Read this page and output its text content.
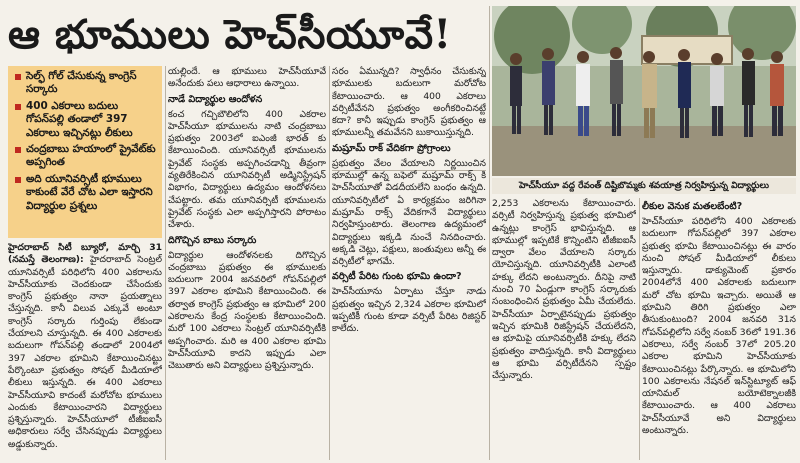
ఆ భూములు హెచ్‌సీయూవే!
హెచ్‌సీయూ వద్ద రేవంత్ దిష్టిబొమ్మకు శవయాత్ర నిర్వహిస్తున్న విద్యార్థులు
సెల్ఫ్ గోల్ చేసుకున్న కాంగ్రెస్ సర్కారు
400 ఎకరాలు బదులు గోపన్‌పల్లి తండాలో 397 ఎకరాలు ఇచ్చినట్లు లీకులు
చంద్రబాబు హయాంలో ప్రైవేట్‌కు అప్పగింత
అది యూనివర్సిటీ భూములు కాకుంటే వేరే చోట ఎలా ఇస్తారని విద్యార్థుల ప్రశ్నలు

హైదరాబాద్ సిటీ బ్యూరో, మార్చి 31 (నమస్తే తెలంగాణ): హైదరాబాద్ సెంట్రల్ యూనివర్సిటీ పరిధిలోని 400 ఎకరాలను హెచ్‌సీయూకు చెందకుండా చేసేందుకు కాంగ్రెస్ ప్రభుత్వం నానా ప్రయత్నాలు చేస్తున్నది. కానీ విలువ ఎక్కువే అంటూ కాంగ్రెస్ సర్కారు గుర్తింపు లేకుండా చేయాలని చూస్తున్నది. ఈ 400 ఎకరాలకు బదులుగా గోపన్‌పల్లి తండాలో 2004లో 397 ఎకరాల భూమిని కేటాయించినట్టు పేర్కొంటూ ప్రభుత్వం సోషల్ మీడియాలో లీకులు ఇస్తున్నది. ఈ 400 ఎకరాలు హెచ్‌సీయూవి కాదంటే మరోచోట భూములు ఎందుకు కేటాయించారని విద్యార్థులు ప్రశ్నిస్తున్నారు. హెచ్‌సీయూలో టీజీఐఐసీ అధికారులు సర్వే చేసినప్పుడు విద్యార్థులు అడ్డుకున్నారు.

యల్లిందే. ఆ భూములు హెచ్‌సీయూవే అనేందుకు పలు ఆధారాలు ఉన్నాయి.

నాడే విద్యార్థుల ఆందోళన

కంచ గచ్చిబౌలిలోని 400 ఎకరాల హెచ్‌సీయూ భూములను నాటి చంద్రబాబు ప్రభుత్వం 2003లో ఐఎంజీ భారత్ కు కేటాయించింది. యూనివర్సిటీ భూములను ప్రైవేట్ సంస్థకు అప్పగించడాన్ని తీవ్రంగా వ్యతిరేకించిన యూనివర్సిటీ అడ్మినిస్ట్రేషన్ విభాగం, విద్యార్థులు ఉద్యమం ఆందోళనలు చేపట్టారు. తమ యూనివర్సిటీ భూములను ప్రైవేట్ సంస్థకు ఎలా అప్పగిస్తారని పోరాటం చేశారు.

దిగొచ్చిన బాబు సర్కారు

విద్యార్థుల ఆందోళనలకు దిగొచ్చిన చంద్రబాబు ప్రభుత్వం ఈ భూములకు బదులుగా 2004 జనవరిలో గోపన్‌పల్లిలో 397 ఎకరాల భూమిని కేటాయించింది. ఈ తర్వాత కాంగ్రెస్ ప్రభుత్వం ఆ భూమిలో 200 ఎకరాలను కేంద్ర సంస్థలకు కేటాయించింది. మరో 100 ఎకరాలు సెంట్రల్ యూనివర్సిటీకి అప్పగించారు. మరి ఆ 400 ఎకరాల భూమి హెచ్‌సీయూవి కాదని ఇప్పుడు ఎలా చెబుతారు అని విద్యార్థులు ప్రశ్నిస్తున్నారు.

సరం ఏమున్నది? స్వాధీనం చేసుకున్న భూములకు బదులుగా మరోచోట కేటాయించారు. ఆ 400 ఎకరాలు వర్సిటీవేనని ప్రభుత్వం అంగీకరించినట్టే కదా? కానీ ఇప్పుడు కాంగ్రెస్ ప్రభుత్వం ఆ భూములన్నీ తమవేనని బుకాయిస్తున్నది.

మష్రూమ్ రాక్ వేదికగా ప్రోగ్రాంలు

ప్రభుత్వం వేలం వేయాలని నిర్ణయించిన భూముల్లో ఉన్న బఫెలో మష్రూమ్ రాక్స్ కి హెచ్‌సీయూతో విడదీయలేని బంధం ఉన్నది. యూనివర్సిటీలో ఏ కార్యక్రమం జరిగినా మష్రూమ్ రాక్స్ వేదికగానే విద్యార్థులు నిర్వహిస్తుంటారు. తెలంగాణ ఉద్యమంలో విద్యార్థులు ఇక్కడి నుంచే నినదించారు. అక్కడి చెట్లు, పక్షులు, జంతువులు అన్నీ ఈ వర్సిటీలో భాగమే.

వర్సిటీ పేరిట గుంట భూమి ఉందా?

హెచ్‌సీయూను ఏర్పాటు చేస్తూ నాడు ప్రభుత్వం ఇచ్చిన 2,324 ఎకరాల భూమిలో ఇప్పటికీ గుంట కూడా వర్సిటీ పేరిట రిజిస్టర్ కాలేదు.

2,253 ఎకరాలను కేటాయించారు. వర్సిటీ నిర్వహిస్తున్న ప్రభుత్వ భూమిలో ఉన్నట్లు కాంగ్రెస్ భావిస్తున్నది. ఆ భూముల్లో ఇప్పటికే కొన్నింటిని టీజీఐఐసీ ద్వారా వేలం వేయాలని సర్కారు యోచిస్తున్నది. యూనివర్సిటీకి ఎలాంటి హక్కు లేదని అంటున్నారు. దీనిపై నాటి నుంచి 70 ఏండ్లుగా కాంగ్రెస్ సర్కారుకు సంబంధించిన ప్రభుత్వం ఏమీ చేయలేదు. హెచ్‌సీయూ ఏర్పాటైనప్పుడు ప్రభుత్వం ఇచ్చిన భూమికి రిజిస్ట్రేషన్ చేయలేదని, ఆ భూమిపై యూనివర్సిటీకి హక్కు లేదని ప్రభుత్వం వాదిస్తున్నది. కానీ విద్యార్థులు ఆ భూమి వర్సిటీదేనని స్పష్టం చేస్తున్నారు.

లీకుల వెనుక మతలబేంటి?

హెచ్‌సీయూ పరిధిలోని 400 ఎకరాలకు బదులుగా గోపన్‌పల్లిలో 397 ఎకరాల ప్రభుత్వ భూమి కేటాయించినట్లు ఈ వారం నుంచి సోషల్ మీడియాలో లీకులు ఇస్తున్నారు. డాక్యుమెంట్ ప్రకారం 2004లోనే 400 ఎకరాలకు బదులుగా మరో చోట భూమి ఇచ్చారు. అయితే ఆ భూమిని తిరిగి ప్రభుత్వం ఎలా తీసుకుంటుంది? 2004 జనవరి 31న గోపన్‌పల్లిలోని సర్వే నంబర్ 36లో 191.36 ఎకరాలు, సర్వే నంబర్ 37లో 205.20 ఎకరాల భూమిని హెచ్‌సీయూకు కేటాయించినట్లు పేర్కొన్నారు. ఆ భూమిలోని 100 ఎకరాలను నేషనల్ ఇన్‌స్టిట్యూట్ ఆఫ్ యానిమల్ బయోటెక్నాలజీకి కేటాయించారు. ఆ 400 ఎకరాలు హెచ్‌సీయూవే అని విద్యార్థులు అంటున్నారు.
